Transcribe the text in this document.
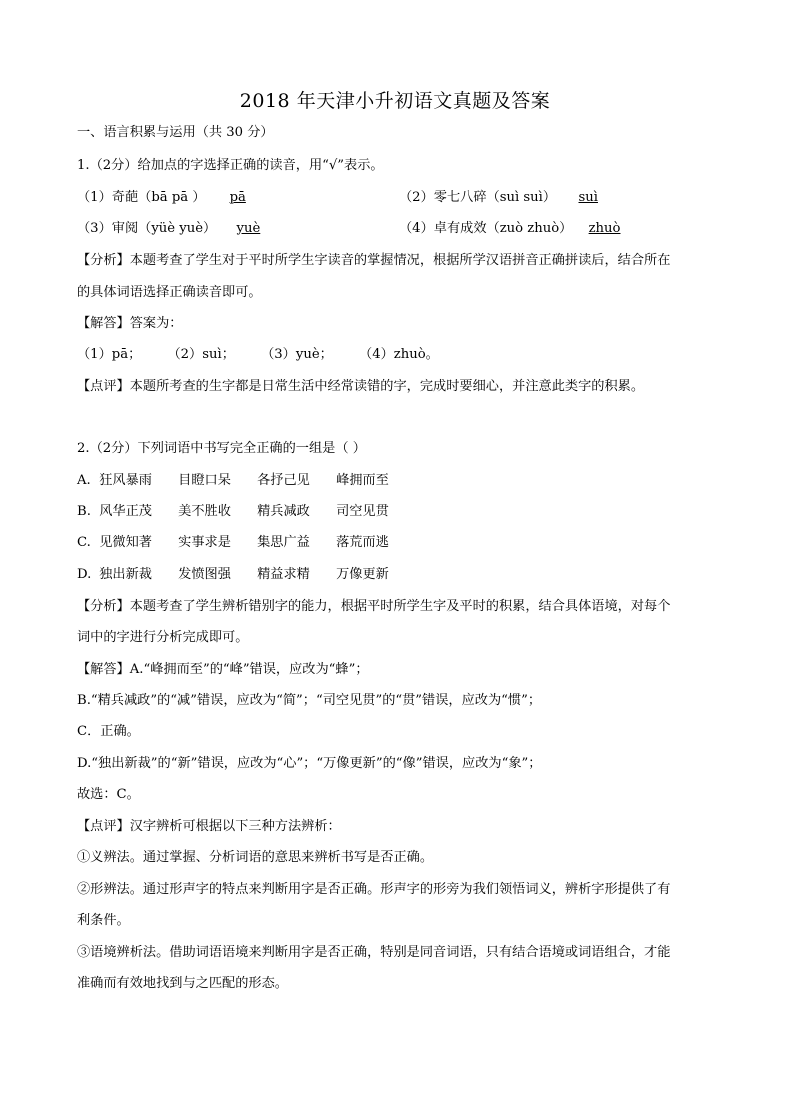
2018 年天津小升初语文真题及答案
一、语言积累与运用（共 30 分）
1.（2分）给加点的字选择正确的读音，用“√”表示。
（1）奇葩（bā pā ） pā	（2）零七八碎（suì suì） suì
（3）审阅（yüè yuè） yuè	（4）卓有成效（zuò zhuò） zhuò
【分析】本题考查了学生对于平时所学生字读音的掌握情况，根据所学汉语拼音正确拼读后，结合所在
的具体词语选择正确读音即可。
【解答】答案为：
（1）pā； （2）suì； （3）yuè； （4）zhuò。
【点评】本题所考查的生字都是日常生活中经常读错的字，完成时要细心，并注意此类字的积累。
2.（2分）下列词语中书写完全正确的一组是（ ）
A. 狂风暴雨 目瞪口呆 各抒己见 峰拥而至
B. 风华正茂 美不胜收 精兵减政 司空见贯
C. 见微知著 实事求是 集思广益 落荒而逃
D. 独出新裁 发愤图强 精益求精 万像更新
【分析】本题考查了学生辨析错别字的能力，根据平时所学生字及平时的积累，结合具体语境，对每个
词中的字进行分析完成即可。
【解答】A.“峰拥而至”的“峰”错误，应改为“蜂”；
B.“精兵减政”的“减”错误，应改为“简”；“司空见贯”的“贯”错误，应改为“惯”；
C．正确。
D.“独出新裁”的“新”错误，应改为“心”；“万像更新”的“像”错误，应改为“象”；
故选：C。
【点评】汉字辨析可根据以下三种方法辨析：
①义辨法。通过掌握、分析词语的意思来辨析书写是否正确。
②形辨法。通过形声字的特点来判断用字是否正确。形声字的形旁为我们领悟词义，辨析字形提供了有
利条件。
③语境辨析法。借助词语语境来判断用字是否正确，特别是同音词语，只有结合语境或词语组合，才能
准确而有效地找到与之匹配的形态。
